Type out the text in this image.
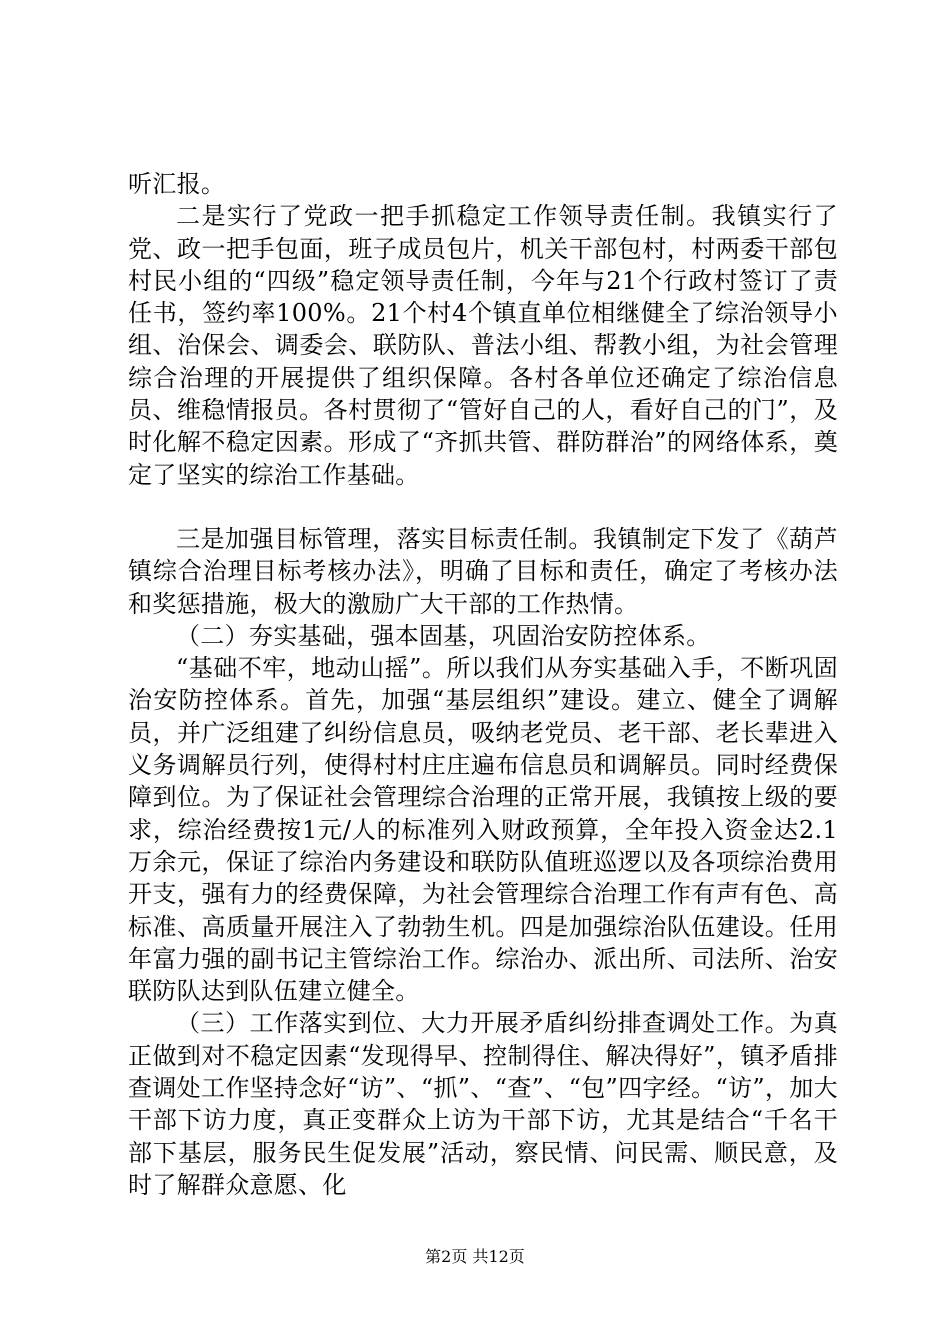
听汇报。

二是实行了党政一把手抓稳定工作领导责任制。我镇实行了党、政一把手包面，班子成员包片，机关干部包村，村两委干部包村民小组的“四级”稳定领导责任制，今年与21个行政村签订了责任书，签约率100%。21个村4个镇直单位相继健全了综治领导小组、治保会、调委会、联防队、普法小组、帮教小组，为社会管理综合治理的开展提供了组织保障。各村各单位还确定了综治信息员、维稳情报员。各村贯彻了“管好自己的人，看好自己的门”，及时化解不稳定因素。形成了“齐抓共管、群防群治”的网络体系，奠定了坚实的综治工作基础。

三是加强目标管理，落实目标责任制。我镇制定下发了《葫芦镇综合治理目标考核办法》，明确了目标和责任，确定了考核办法和奖惩措施，极大的激励广大干部的工作热情。

（二）夯实基础，强本固基，巩固治安防控体系。

“基础不牢，地动山摇”。所以我们从夯实基础入手，不断巩固治安防控体系。首先，加强“基层组织”建设。建立、健全了调解员，并广泛组建了纠纷信息员，吸纳老党员、老干部、老长辈进入义务调解员行列，使得村村庄庄遍布信息员和调解员。同时经费保障到位。为了保证社会管理综合治理的正常开展，我镇按上级的要求，综治经费按1元/人的标准列入财政预算，全年投入资金达2.1万余元，保证了综治内务建设和联防队值班巡逻以及各项综治费用开支，强有力的经费保障，为社会管理综合治理工作有声有色、高标准、高质量开展注入了勃勃生机。四是加强综治队伍建设。任用年富力强的副书记主管综治工作。综治办、派出所、司法所、治安联防队达到队伍建立健全。

（三）工作落实到位、大力开展矛盾纠纷排查调处工作。为真正做到对不稳定因素“发现得早、控制得住、解决得好”，镇矛盾排查调处工作坚持念好“访”、“抓”、“查”、“包”四字经。“访”，加大干部下访力度，真正变群众上访为干部下访，尤其是结合“千名干部下基层，服务民生促发展”活动，察民情、问民需、顺民意，及时了解群众意愿、化

第2页 共12页
